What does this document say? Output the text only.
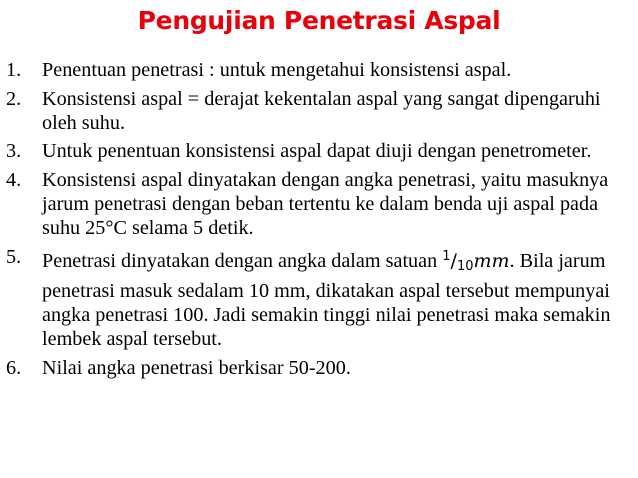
Pengujian Penetrasi Aspal
1. Penentuan penetrasi : untuk mengetahui konsistensi aspal.
2. Konsistensi aspal = derajat kekentalan aspal yang sangat dipengaruhi oleh suhu.
3. Untuk penentuan konsistensi aspal dapat diuji dengan penetrometer.
4. Konsistensi aspal dinyatakan dengan angka penetrasi, yaitu masuknya jarum penetrasi dengan beban tertentu ke dalam benda uji aspal pada suhu 25°C selama 5 detik.
5. Penetrasi dinyatakan dengan angka dalam satuan $^1/_{10}mm$. Bila jarum penetrasi masuk sedalam 10 mm, dikatakan aspal tersebut mempunyai angka penetrasi 100. Jadi semakin tinggi nilai penetrasi maka semakin lembek aspal tersebut.
6. Nilai angka penetrasi berkisar 50-200.
